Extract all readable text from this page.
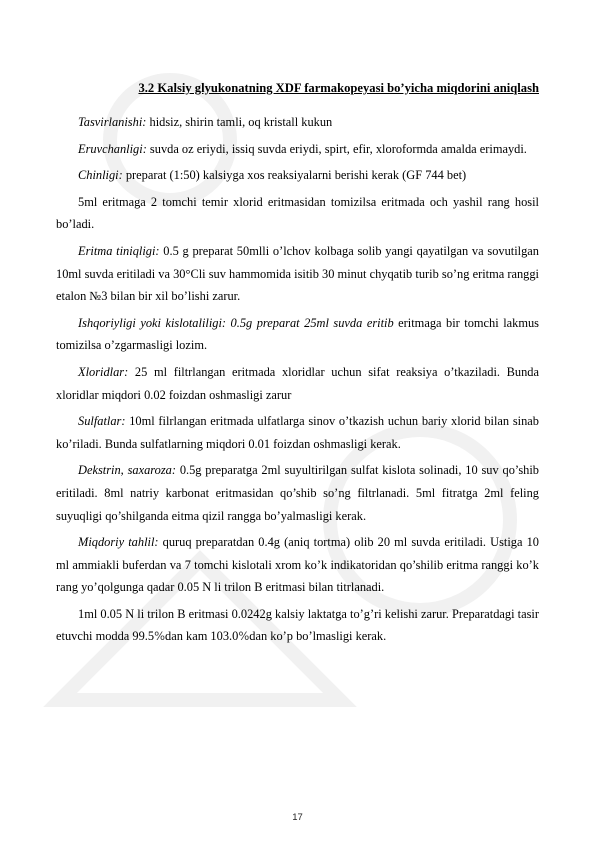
3.2 Kalsiy glyukonatning XDF farmakopeyasi bo’yicha miqdorini aniqlash

Tasvirlanishi: hidsiz, shirin tamli, oq kristall kukun

Eruvchanligi: suvda oz eriydi, issiq suvda eriydi, spirt, efir, xloroformda amalda erimaydi.

Chinligi: preparat (1:50) kalsiyga xos reaksiyalarni berishi kerak (GF 744 bet)

5ml eritmaga 2 tomchi temir xlorid eritmasidan tomizilsa eritmada och yashil rang hosil bo’ladi.

Eritma tiniqligi: 0.5 g preparat 50mlli o’lchov kolbaga solib yangi qayatilgan va sovutilgan 10ml suvda eritiladi va 30°Cli suv hammomida isitib 30 minut chyqatib turib so’ng eritma ranggi etalon №3 bilan bir xil bo’lishi zarur.

Ishqoriyligi yoki kislotaliligi: 0.5g preparat 25ml suvda eritib eritmaga bir tomchi lakmus tomizilsa o’zgarmasligi lozim.

Xloridlar: 25 ml filtrlangan eritmada xloridlar uchun sifat reaksiya o’tkaziladi. Bunda xloridlar miqdori 0.02 foizdan oshmasligi zarur

Sulfatlar: 10ml filrlangan eritmada ulfatlarga sinov o’tkazish uchun bariy xlorid bilan sinab ko’riladi. Bunda sulfatlarning miqdori 0.01 foizdan oshmasligi kerak.

Dekstrin, saxaroza: 0.5g preparatga 2ml suyultirilgan sulfat kislota solinadi, 10 suv qo’shib eritiladi. 8ml natriy karbonat eritmasidan qo’shib so’ng filtrlanadi. 5ml fitratga 2ml feling suyuqligi qo’shilganda eitma qizil rangga bo’yalmasligi kerak.

Miqdoriy tahlil: quruq preparatdan 0.4g (aniq tortma) olib 20 ml suvda eritiladi. Ustiga 10 ml ammiakli buferdan va 7 tomchi kislotali xrom ko’k indikatoridan qo’shilib eritma ranggi ko’k rang yo’qolgunga qadar 0.05 N li trilon B eritmasi bilan titrlanadi.

1ml 0.05 N li trilon B eritmasi 0.0242g kalsiy laktatga to’g’ri kelishi zarur. Preparatdagi tasir etuvchi modda 99.5%dan kam 103.0%dan ko’p bo’lmasligi kerak.

17
